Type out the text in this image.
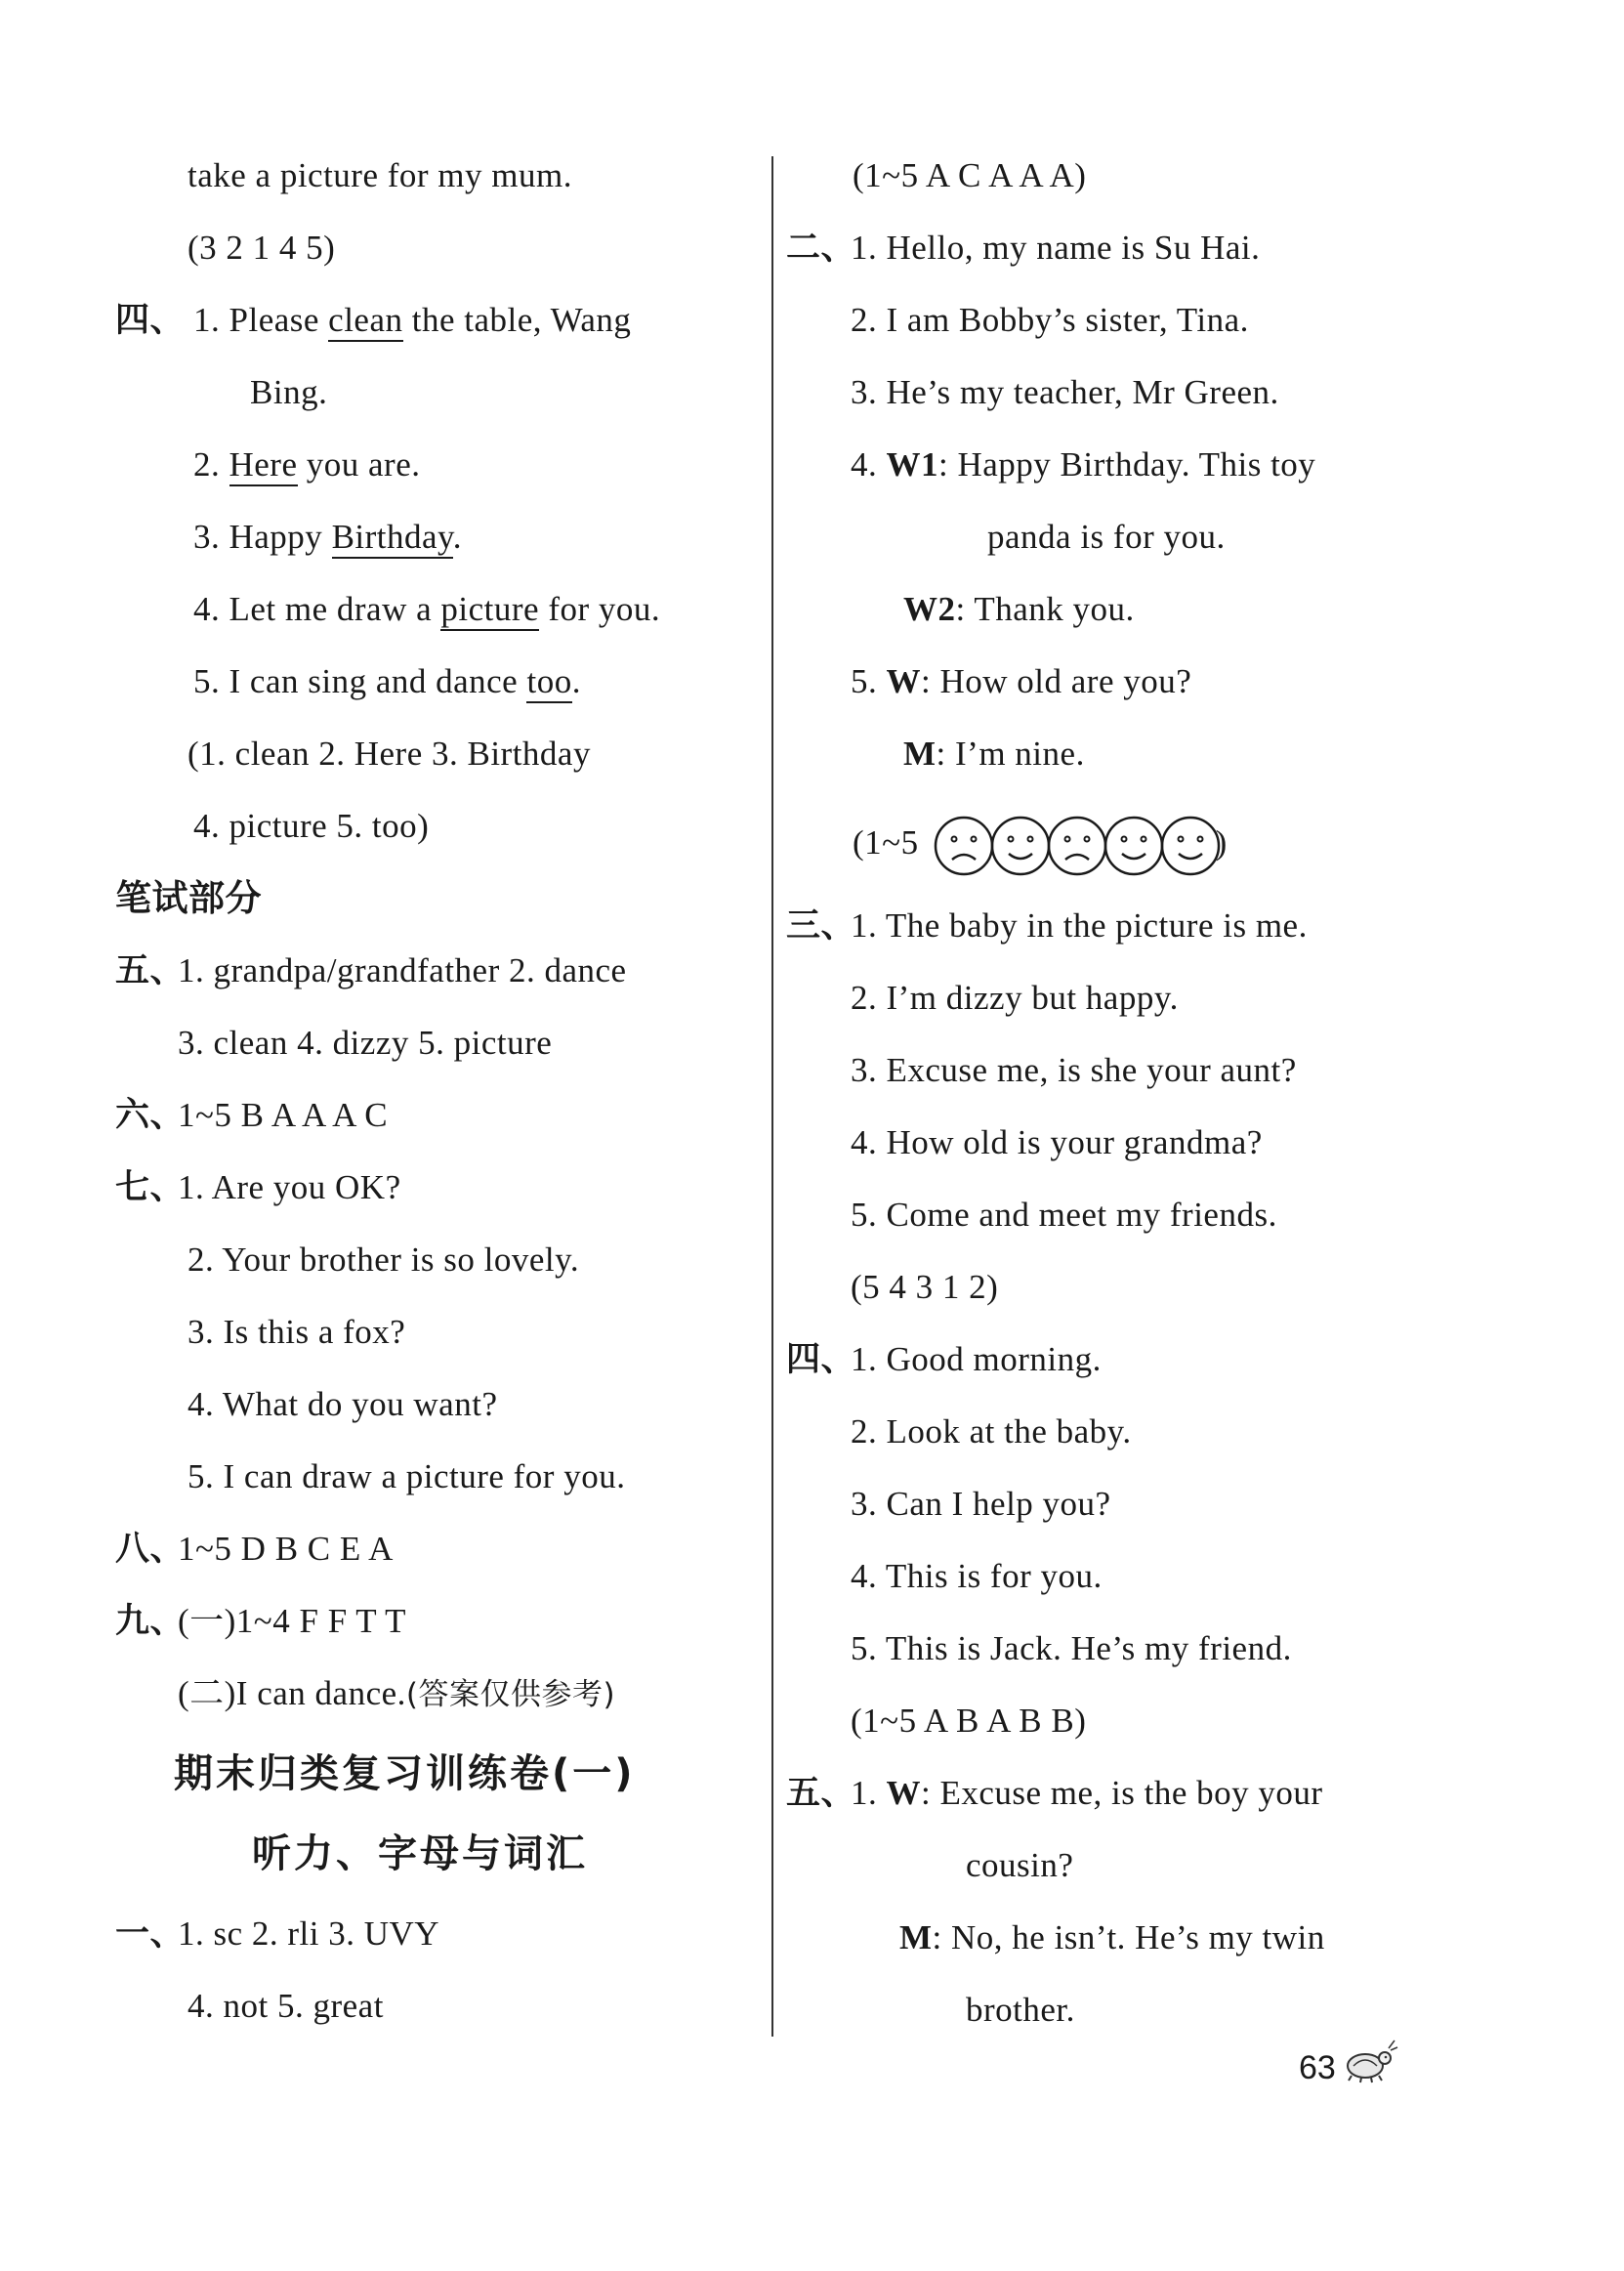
take a picture for my mum.
(3 2 1 4 5)
四、 1. Please clean the table, Wang
Bing.
2. Here you are.
3. Happy Birthday.
4. Let me draw a picture for you.
5. I can sing and dance too.
(1. clean 2. Here 3. Birthday
4. picture 5. too)
笔试部分
五、
1. grandpa/grandfather 2. dance
3. clean 4. dizzy 5. picture
六、
1~5 B A A A C
七、
1. Are you OK?
2. Your brother is so lovely.
3. Is this a fox?
4. What do you want?
5. I can draw a picture for you.
八、
1~5 D B C E A
九、
(一)1~4 F F T T
(二)I can dance.(答案仅供参考)
期末归类复习训练卷(一)
听力、字母与词汇
一、
1. sc 2. rli 3. UVY
4. not 5. great
(1~5 A C A A A)
二、
1. Hello, my name is Su Hai.
2. I am Bobby’s sister, Tina.
3. He’s my teacher, Mr Green.
4. W1: Happy Birthday. This toy
panda is for you.
W2: Thank you.
5. W: How old are you?
M: I’m nine.
(1~5	)
三、
1. The baby in the picture is me.
2. I’m dizzy but happy.
3. Excuse me, is she your aunt?
4. How old is your grandma?
5. Come and meet my friends.
(5 4 3 1 2)
四、
1. Good morning.
2. Look at the baby.
3. Can I help you?
4. This is for you.
5. This is Jack. He’s my friend.
(1~5 A B A B B)
五、
1. W: Excuse me, is the boy your
cousin?
M: No, he isn’t. He’s my twin
brother.
63
